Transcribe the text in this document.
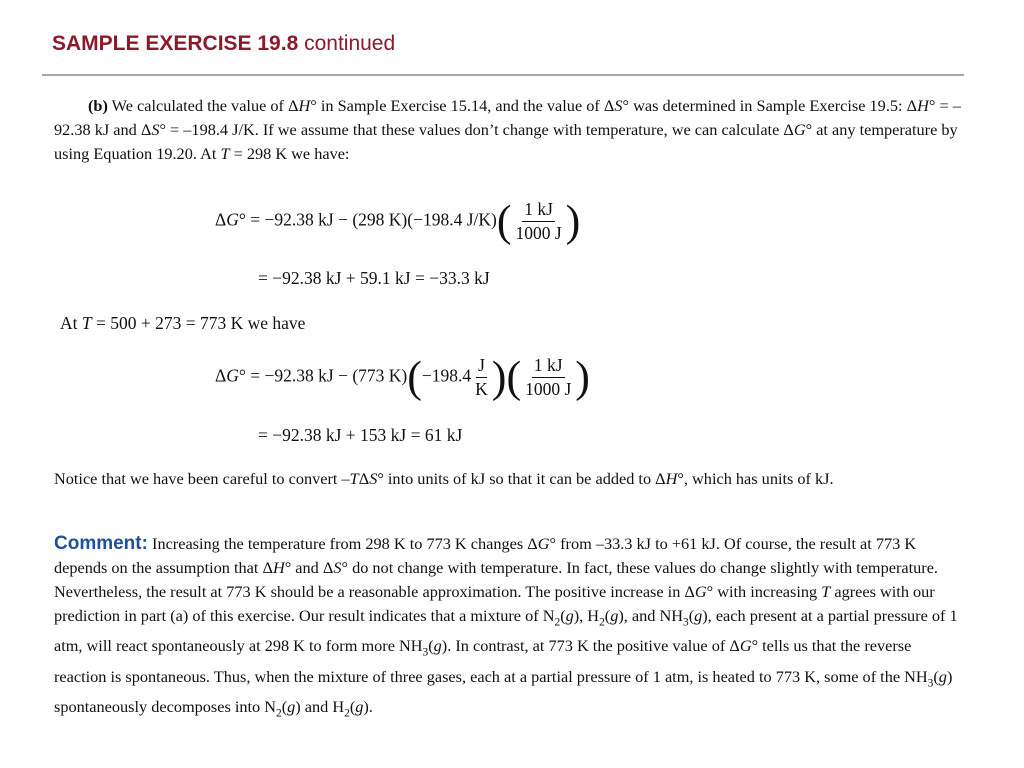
SAMPLE EXERCISE 19.8 continued
(b) We calculated the value of ΔH° in Sample Exercise 15.14, and the value of ΔS° was determined in Sample Exercise 19.5: ΔH° = –92.38 kJ and ΔS° = –198.4 J/K. If we assume that these values don’t change with temperature, we can calculate ΔG° at any temperature by using Equation 19.20. At T = 298 K we have:
ΔG° = −92.38 kJ − (298 K)(−198.4 $J/K)( \frac{1 kJ}{1000 J}$ )
= −92.38 kJ + 59.1 kJ = −33.3 kJ
At T = 500 + 273 = 773 K we have
ΔG° = −92.38 kJ − (773 $K)(-198.4 \frac{J}{K}$ )( $\frac{1 kJ}{1000 J}$ )
= −92.38 kJ + 153 kJ = 61 kJ
Notice that we have been careful to convert –TΔS° into units of kJ so that it can be added to ΔH°, which has units of kJ.
Comment: Increasing the temperature from 298 K to 773 K changes ΔG° from –33.3 kJ to +61 kJ. Of course, the result at 773 K depends on the assumption that ΔH° and ΔS° do not change with temperature. In fact, these values do change slightly with temperature. Nevertheless, the result at 773 K should be a reasonable approximation. The positive increase in ΔG° with increasing T agrees with our prediction in part (a) of this exercise. Our result indicates that a mixture of $N_2(g)$, $H_2(g)$, and $NH_3(g)$, each present at a partial pressure of 1 atm, will react spontaneously at 298 K to form more $NH_3(g)$. In contrast, at 773 K the positive value of ΔG° tells us that the reverse reaction is spontaneous. Thus, when the mixture of three gases, each at a partial pressure of 1 atm, is heated to 773 K, some of the $NH_3(g)$ spontaneously decomposes into $N_2(g)$ and $H_2(g)$.
